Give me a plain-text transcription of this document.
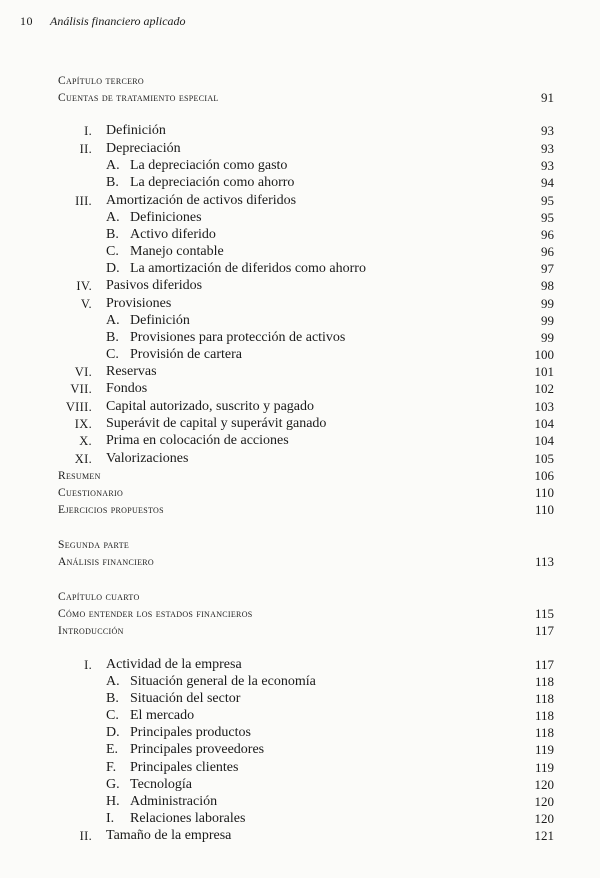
10 Análisis financiero aplicado
Capítulo tercero
Cuentas de tratamiento especial	91
I. Definición	93
II. Depreciación	93
A. La depreciación como gasto	93
B. La depreciación como ahorro	94
III. Amortización de activos diferidos	95
A. Definiciones	95
B. Activo diferido	96
C. Manejo contable	96
D. La amortización de diferidos como ahorro	97
IV. Pasivos diferidos	98
V. Provisiones	99
A. Definición	99
B. Provisiones para protección de activos	99
C. Provisión de cartera	100
VI. Reservas	101
VII. Fondos	102
VIII. Capital autorizado, suscrito y pagado	103
IX. Superávit de capital y superávit ganado	104
X. Prima en colocación de acciones	104
XI. Valorizaciones	105
Resumen	106
Cuestionario	110
Ejercicios propuestos	110
Segunda parte
Análisis financiero	113
Capítulo cuarto
Cómo entender los estados financieros	115
Introducción	117
I. Actividad de la empresa	117
A. Situación general de la economía	118
B. Situación del sector	118
C. El mercado	118
D. Principales productos	118
E. Principales proveedores	119
F. Principales clientes	119
G. Tecnología	120
H. Administración	120
I. Relaciones laborales	120
II. Tamaño de la empresa	121
